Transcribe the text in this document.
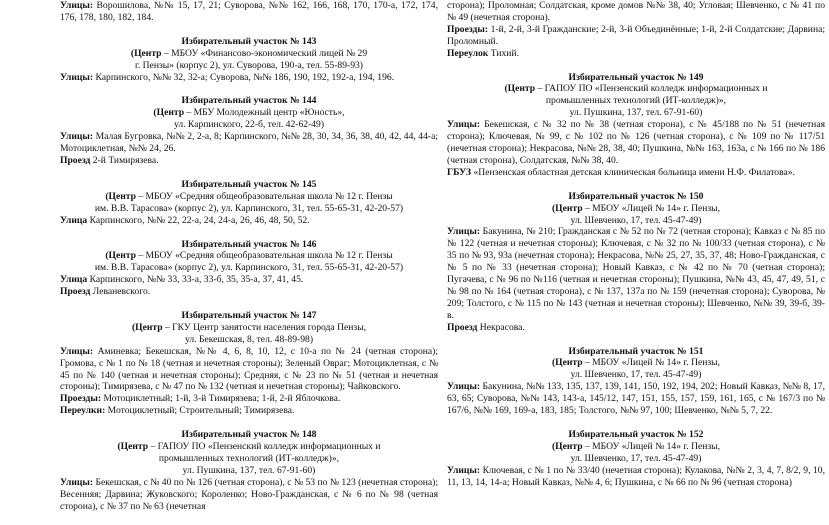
Улицы: Ворошилова, №№ 15, 17, 21; Суворова, №№ 162, 166, 168, 170, 170-а, 172, 174, 176, 178, 180, 182, 184.

Избирательный участок № 143
(Центр – МБОУ «Финансово-экономический лицей № 29
г. Пензы» (корпус 2), ул. Суворова, 190-а, тел. 55-89-93)

Улицы: Карпинского, №№ 32, 32-а; Суворова, №№ 186, 190, 192, 192-а, 194, 196.

Избирательный участок № 144
(Центр – МБУ Молодежный центр «Юность»,
ул. Карпинского, 22-б, тел. 42-62-49)

Улицы: Малая Бугровка, №№ 2, 2-а, 8; Карпинского, №№ 28, 30, 34, 36, 38, 40, 42, 44, 44-а; Мотоциклетная, №№ 24, 26.

Проезд 2-й Тимирязева.

Избирательный участок № 145
(Центр – МБОУ «Средняя общеобразовательная школа № 12 г. Пензы
им. В.В. Тарасова» (корпус 2), ул. Карпинского, 31, тел. 55-65-31, 42-20-57)

Улица Карпинского, №№ 22, 22-а, 24, 24-а, 26, 46, 48, 50, 52.

Избирательный участок № 146
(Центр – МБОУ «Средняя общеобразовательная школа № 12 г. Пензы
им. В.В. Тарасова» (корпус 2), ул. Карпинского, 31, тел. 55-65-31, 42-20-57)

Улица Карпинского, №№ 33, 33-а, 33-б, 35, 35-а, 37, 41, 45.

Проезд Леваневского.

Избирательный участок № 147
(Центр – ГКУ Центр занятости населения города Пензы,
ул. Бекешская, 8, тел. 48-89-98)

Улицы: Аминевка; Бекешская, №№ 4, 6, 8, 10, 12, с 10-а по № 24 (четная сторона); Громова, с № 1 по № 18 (четная и нечетная стороны); Зеленый Овраг; Мотоциклетная, с № 45 по № 140 (четная и нечетная стороны); Средняя, с № 23 по № 51 (четная и нечетная стороны); Тимирязева, с № 47 по № 132 (четная и нечетная стороны); Чайковского.

Проезды: Мотоциклетный; 1-й, 3-й Тимирязева; 1-й, 2-й Яблочкова.

Переулки: Мотоциклетный; Строительный; Тимирязева.

Избирательный участок № 148
(Центр – ГАПОУ ПО «Пензенский колледж информационных и
промышленных технологий (ИТ-колледж)»,
ул. Пушкина, 137, тел. 67-91-60)

Улицы: Бекешская, с № 40 по № 126 (четная сторона), с № 53 по № 123 (нечетная сторона); Весенняя; Дарвина; Жуковского; Короленко; Ново-Гражданская, с № 6 по № 98 (четная сторона), с № 37 по № 63 (нечетная

сторона); Проломная; Солдатская, кроме домов №№ 38, 40; Угловая; Шевченко, с № 41 по № 49 (нечетная сторона).

Проезды: 1-й, 2-й, 3-й Гражданские; 2-й, 3-й Объединённые; 1-й, 2-й Солдатские; Дарвина; Проломный.

Переулок Тихий.

Избирательный участок № 149
(Центр – ГАПОУ ПО «Пензенский колледж информационных и
промышленных технологий (ИТ-колледж)»,
ул. Пушкина, 137, тел. 67-91-60)

Улицы: Бекешская, с № 32 по № 38 (четная сторона), с № 45/188 по № 51 (нечетная сторона); Ключевая, № 99, с № 102 по № 126 (четная сторона), с № 109 по № 117/51 (нечетная сторона); Некрасова, №№ 28, 38, 40; Пушкина, №№ 163, 163а, с № 166 по № 186 (четная сторона), Солдатская, №№ 38, 40.

ГБУЗ «Пензенская областная детская клиническая больница имени Н.Ф. Филатова».

Избирательный участок № 150
(Центр – МБОУ «Лицей № 14» г. Пензы,
ул. Шевченко, 17, тел. 45-47-49)

Улицы: Бакунина, № 210; Гражданская с № 52 по № 72 (четная сторона); Кавказ с № 85 по № 122 (четная и нечетная стороны); Ключевая, с № 32 по № 100/33 (четная сторона), с № 35 по № 93, 93а (нечетная сторона); Некрасова, №№ 25, 27, 35, 37, 48; Ново-Гражданская, с № 5 по № 33 (нечетная сторона); Новый Кавказ, с № 42 по № 70 (четная сторона); Пугачева, с № 96 по №116 (четная и нечетная стороны); Пушкина, №№ 43, 45, 47, 49, 51, с № 98 по № 164 (четная сторона), с № 137, 137а по № 159 (нечетная сторона); Суворова, № 209; Толстого, с № 115 по № 143 (четная и нечетная стороны); Шевченко, №№ 39, 39-б, 39-в.

Проезд Некрасова.

Избирательный участок № 151
(Центр – МБОУ «Лицей № 14» г. Пензы,
ул. Шевченко, 17, тел. 45-47-49)

Улицы: Бакунина, №№ 133, 135, 137, 139, 141, 150, 192, 194, 202; Новый Кавказ, №№ 8, 17, 63, 65; Суворова, №№ 143, 143-а, 145/12, 147, 151, 155, 157, 159, 161, 165, с № 167/3 по № 167/6, №№ 169, 169-а, 183, 185; Толстого, №№ 97, 100; Шевченко, №№ 5, 7, 22.

Избирательный участок № 152
(Центр – МБОУ «Лицей № 14» г. Пензы,
ул. Шевченко, 17, тел. 45-47-49)

Улицы: Ключевая, с № 1 по № 33/40 (нечетная сторона); Кулакова, №№ 2, 3, 4, 7, 8/2, 9, 10, 11, 13, 14, 14-а; Новый Кавказ, №№ 4, 6; Пушкина, с № 66 по № 96 (четная сторона)
